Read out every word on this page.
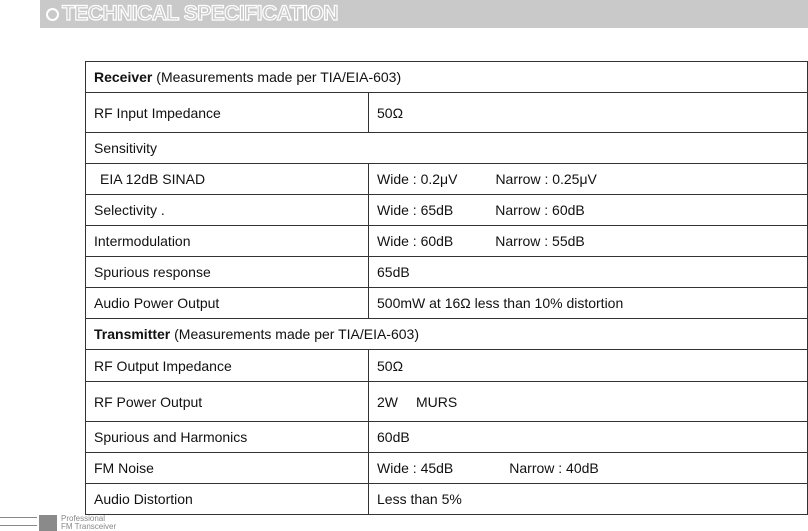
TECHNICAL SPECIFICATION
Receiver (Measurements made per TIA/EIA-603)	
RF Input Impedance	50Ω
Sensitivity	
EIA 12dB SINAD	Wide : 0.2μV Narrow : 0.25μV
Selectivity .	Wide : 65dB Narrow : 60dB
Intermodulation	Wide : 60dB Narrow : 55dB
Spurious response	65dB
Audio Power Output	500mW at 16Ω less than 10% distortion
Transmitter (Measurements made per TIA/EIA-603)	
RF Output Impedance	50Ω
RF Power Output	2W MURS
Spurious and Harmonics	60dB
FM Noise	Wide : 45dB Narrow : 40dB
Audio Distortion	Less than 5%
Professional
FM Transceiver
